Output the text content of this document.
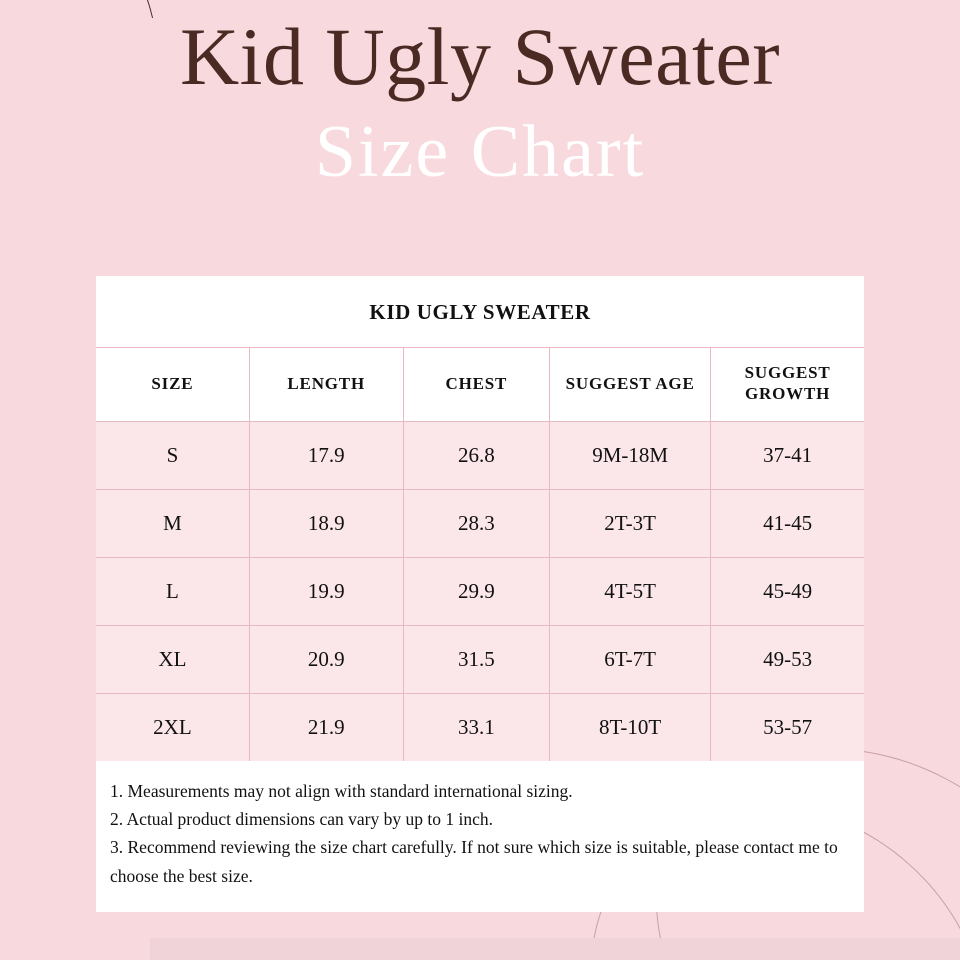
Kid Ugly Sweater
Size Chart
KID UGLY SWEATER
SIZE	LENGTH	CHEST	SUGGEST AGE	SUGGEST GROWTH
S	17.9	26.8	9M-18M	37-41
M	18.9	28.3	2T-3T	41-45
L	19.9	29.9	4T-5T	45-49
XL	20.9	31.5	6T-7T	49-53
2XL	21.9	33.1	8T-10T	53-57
1. Measurements may not align with standard international sizing.
2. Actual product dimensions can vary by up to 1 inch.
3. Recommend reviewing the size chart carefully. If not sure which size is suitable, please contact me to choose the best size.
